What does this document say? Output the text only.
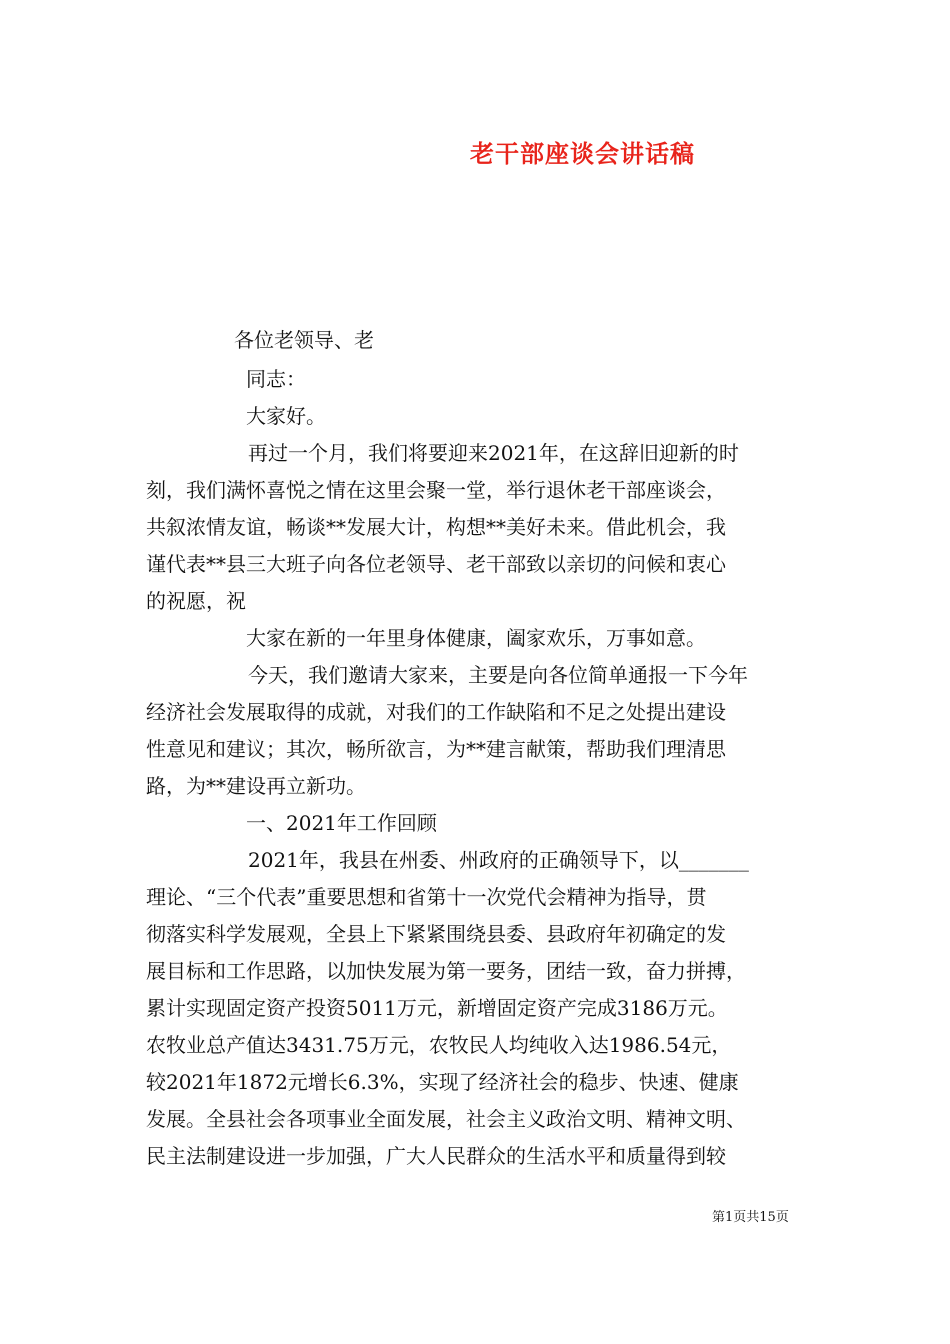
老干部座谈会讲话稿
各位老领导、老
同志：
大家好。
再过一个月，我们将要迎来2021年，在这辞旧迎新的时
刻，我们满怀喜悦之情在这里会聚一堂，举行退休老干部座谈会，
共叙浓情友谊，畅谈**发展大计，构想**美好未来。借此机会，我
谨代表**县三大班子向各位老领导、老干部致以亲切的问候和衷心
的祝愿，祝
大家在新的一年里身体健康，阖家欢乐，万事如意。
今天，我们邀请大家来，主要是向各位简单通报一下今年
经济社会发展取得的成就，对我们的工作缺陷和不足之处提出建设
性意见和建议；其次，畅所欲言，为**建言献策，帮助我们理清思
路，为**建设再立新功。
一、2021年工作回顾
2021年，我县在州委、州政府的正确领导下，以_______
理论、“三个代表”重要思想和省第十一次党代会精神为指导，贯
彻落实科学发展观，全县上下紧紧围绕县委、县政府年初确定的发
展目标和工作思路，以加快发展为第一要务，团结一致，奋力拼搏，
累计实现固定资产投资5011万元，新增固定资产完成3186万元。
农牧业总产值达3431.75万元，农牧民人均纯收入达1986.54元，
较2021年1872元增长6.3%，实现了经济社会的稳步、快速、健康
发展。全县社会各项事业全面发展，社会主义政治文明、精神文明、
民主法制建设进一步加强，广大人民群众的生活水平和质量得到较
第1页共15页
